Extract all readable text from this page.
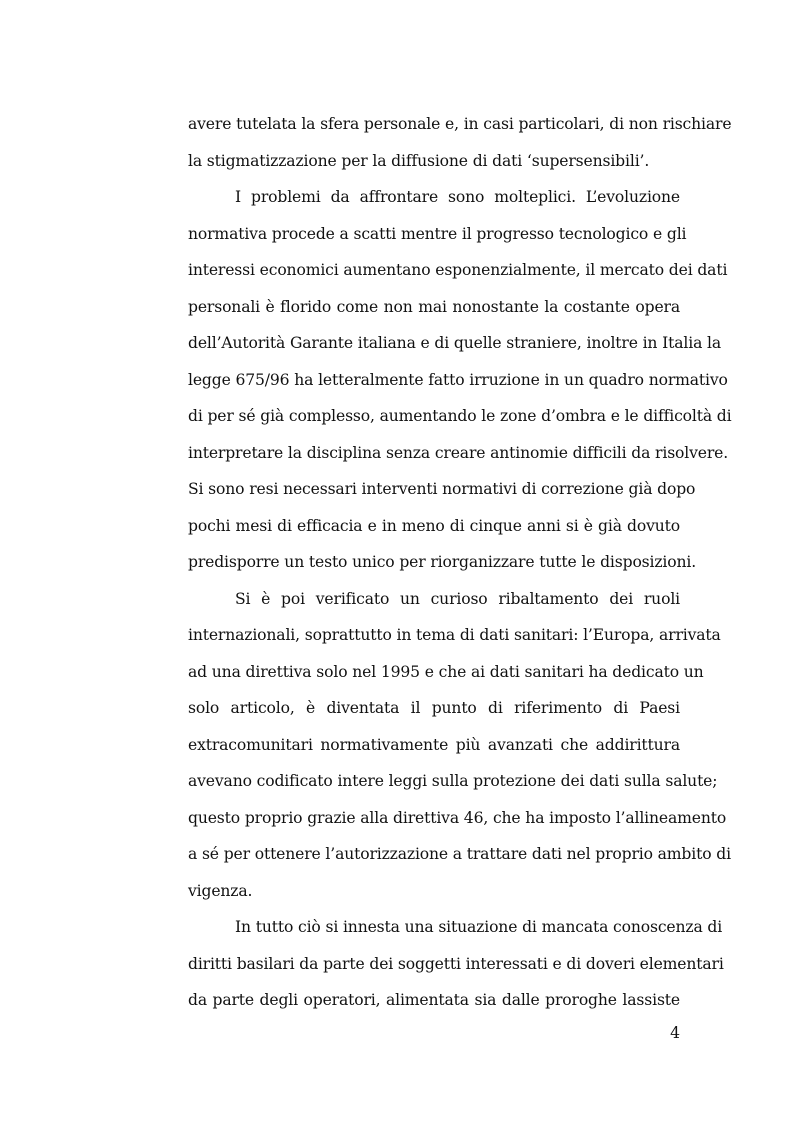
avere tutelata la sfera personale e, in casi particolari, di non rischiare
la stigmatizzazione per la diffusione di dati ‘supersensibili’.
I problemi da affrontare sono molteplici. L’evoluzione
normativa procede a scatti mentre il progresso tecnologico e gli
interessi economici aumentano esponenzialmente, il mercato dei dati
personali è florido come non mai nonostante la costante opera
dell’Autorità Garante italiana e di quelle straniere, inoltre in Italia la
legge 675/96 ha letteralmente fatto irruzione in un quadro normativo
di per sé già complesso, aumentando le zone d’ombra e le difficoltà di
interpretare la disciplina senza creare antinomie difficili da risolvere.
Si sono resi necessari interventi normativi di correzione già dopo
pochi mesi di efficacia e in meno di cinque anni si è già dovuto
predisporre un testo unico per riorganizzare tutte le disposizioni.
Si è poi verificato un curioso ribaltamento dei ruoli
internazionali, soprattutto in tema di dati sanitari: l’Europa, arrivata
ad una direttiva solo nel 1995 e che ai dati sanitari ha dedicato un
solo articolo, è diventata il punto di riferimento di Paesi
extracomunitari normativamente più avanzati che addirittura
avevano codificato intere leggi sulla protezione dei dati sulla salute;
questo proprio grazie alla direttiva 46, che ha imposto l’allineamento
a sé per ottenere l’autorizzazione a trattare dati nel proprio ambito di
vigenza.
In tutto ciò si innesta una situazione di mancata conoscenza di
diritti basilari da parte dei soggetti interessati e di doveri elementari
da parte degli operatori, alimentata sia dalle proroghe lassiste
4
